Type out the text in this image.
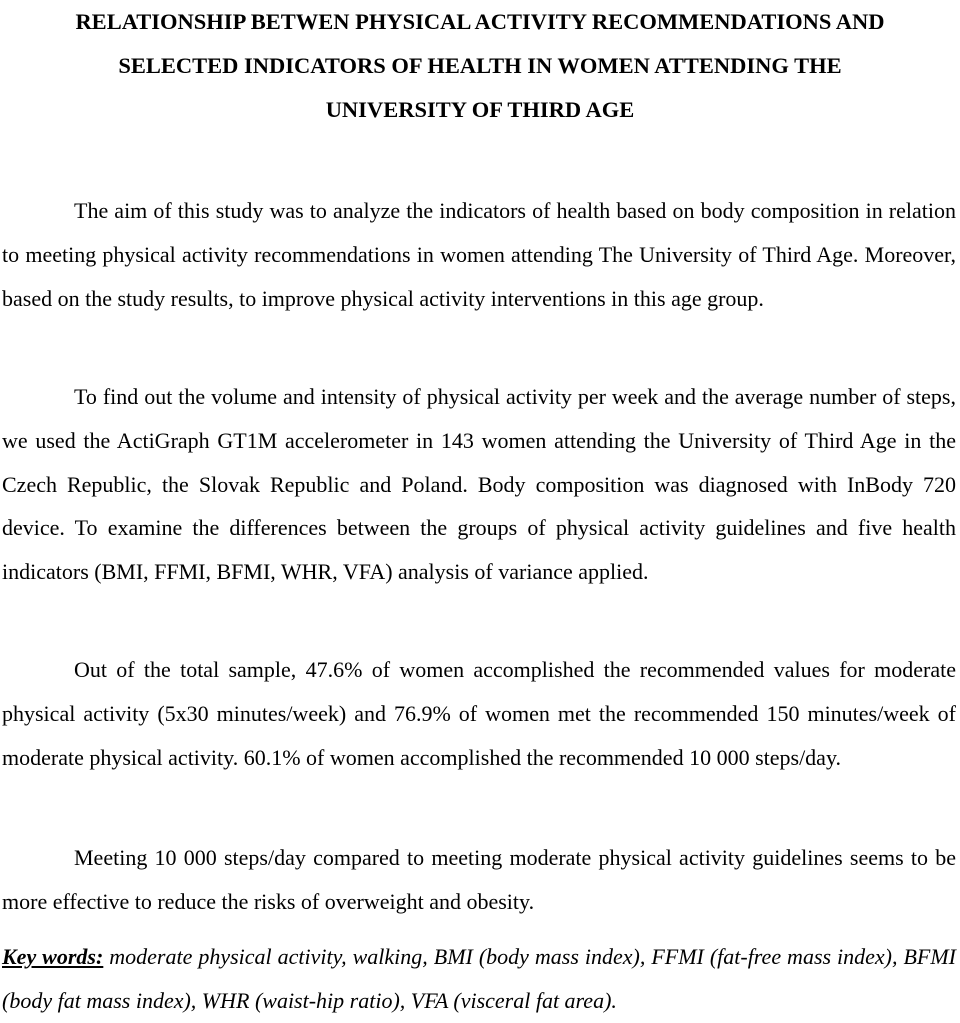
RELATIONSHIP BETWEN PHYSICAL ACTIVITY RECOMMENDATIONS AND
SELECTED INDICATORS OF HEALTH IN WOMEN ATTENDING THE
UNIVERSITY OF THIRD AGE

The aim of this study was to analyze the indicators of health based on body composition in relation to meeting physical activity recommendations in women attending The University of Third Age. Moreover, based on the study results, to improve physical activity interventions in this age group.

To find out the volume and intensity of physical activity per week and the average number of steps, we used the ActiGraph GT1M accelerometer in 143 women attending the University of Third Age in the Czech Republic, the Slovak Republic and Poland. Body composition was diagnosed with InBody 720 device. To examine the differences between the groups of physical activity guidelines and five health indicators (BMI, FFMI, BFMI, WHR, VFA) analysis of variance applied.

Out of the total sample, 47.6% of women accomplished the recommended values for moderate physical activity (5x30 minutes/week) and 76.9% of women met the recommended 150 minutes/week of moderate physical activity. 60.1% of women accomplished the recommended 10 000 steps/day.

Meeting 10 000 steps/day compared to meeting moderate physical activity guidelines seems to be more effective to reduce the risks of overweight and obesity.

Key words: moderate physical activity, walking, BMI (body mass index), FFMI (fat-free mass index), BFMI (body fat mass index), WHR (waist-hip ratio), VFA (visceral fat area).
